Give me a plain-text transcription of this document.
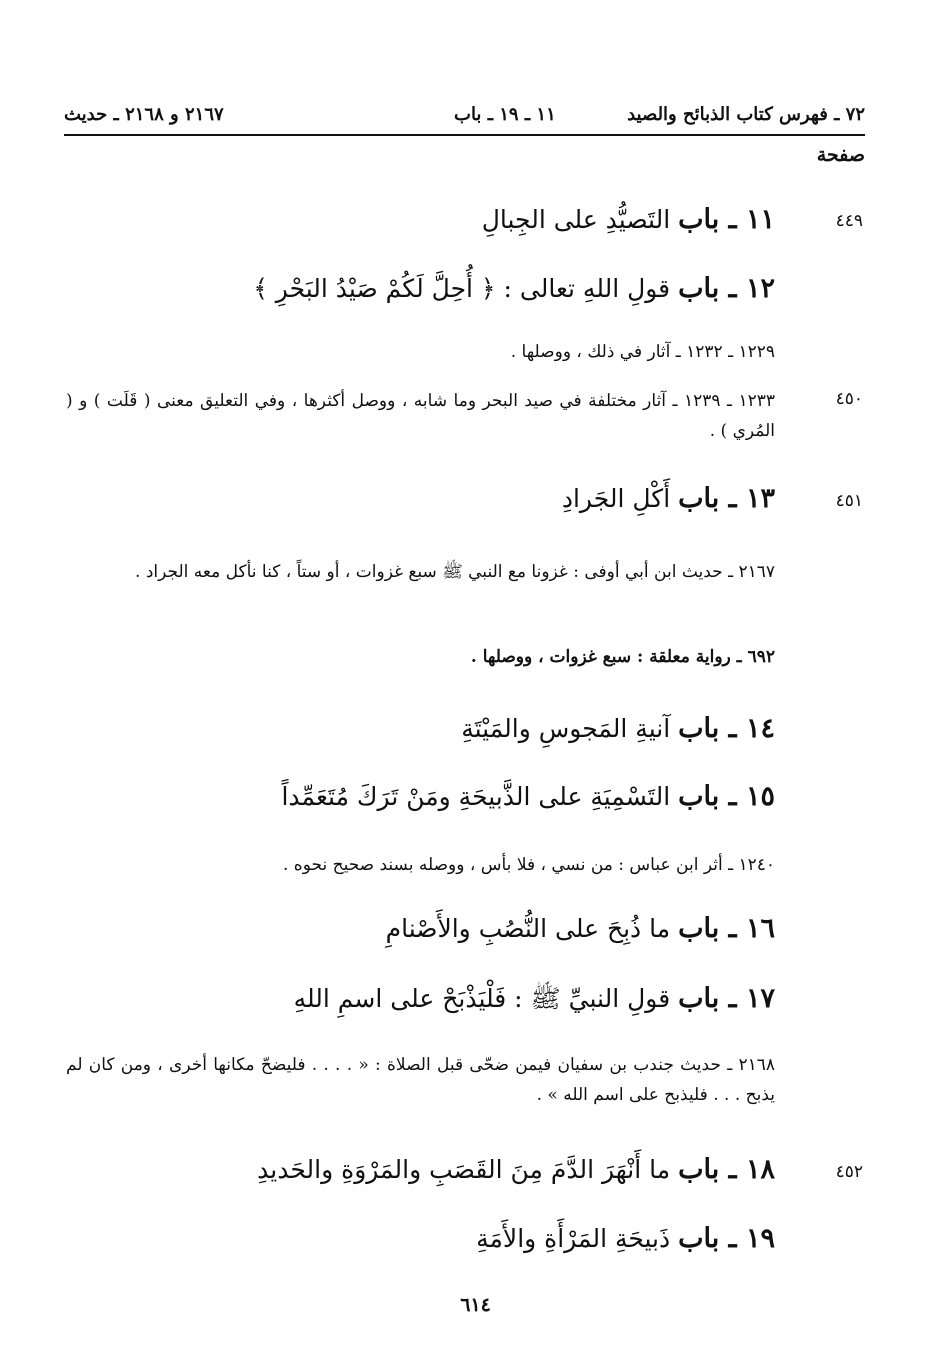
٧٢ ـ فهرس كتاب الذبائح والصيد
١١ ـ ١٩ ـ باب
٢١٦٧ و ٢١٦٨ ـ حديث
صفحة
٤٤٩
١١ ـ باب التَصيُّدِ على الجِبالِ
١٢ ـ باب قولِ اللهِ تعالى : ﴿ أُحِلَّ لَكُمْ صَيْدُ البَحْرِ ﴾
١٢٢٩ ـ ١٢٣٢ ـ آثار في ذلك ، ووصلها .
٤٥٠
١٢٣٣ ـ ١٢٣٩ ـ آثار مختلفة في صيد البحر وما شابه ، ووصل أكثرها ، وفي التعليق معنى ( قَلَت ) و ( المُري ) .
٤٥١
١٣ ـ باب أَكْلِ الجَرادِ
٢١٦٧ ـ حديث ابن أبي أوفى : غزونا مع النبي ﷺ سبع غزوات ، أو ستاً ، كنا نأكل معه الجراد .
٦٩٢ ـ رواية معلقة : سبع غزوات ، ووصلها .
١٤ ـ باب آنيةِ المَجوسِ والمَيْتَةِ
١٥ ـ باب التَسْمِيَةِ على الذَّبيحَةِ ومَنْ تَرَكَ مُتَعَمِّداً
١٢٤٠ ـ أثر ابن عباس : من نسي ، فلا بأس ، ووصله بسند صحيح نحوه .
١٦ ـ باب ما ذُبِحَ على النُّصُبِ والأَصْنامِ
١٧ ـ باب قولِ النبيِّ ﷺ : فَلْيَذْبَحْ على اسمِ اللهِ
٢١٦٨ ـ حديث جندب بن سفيان فيمن ضحّى قبل الصلاة : « . . . . فليضحّ مكانها أخرى ، ومن كان لم يذبح . . . فليذبح على اسم الله » .
٤٥٢
١٨ ـ باب ما أَنْهَرَ الدَّمَ مِنَ القَصَبِ والمَرْوَةِ والحَديدِ
١٩ ـ باب ذَبيحَةِ المَرْأَةِ والأَمَةِ
٦١٤
